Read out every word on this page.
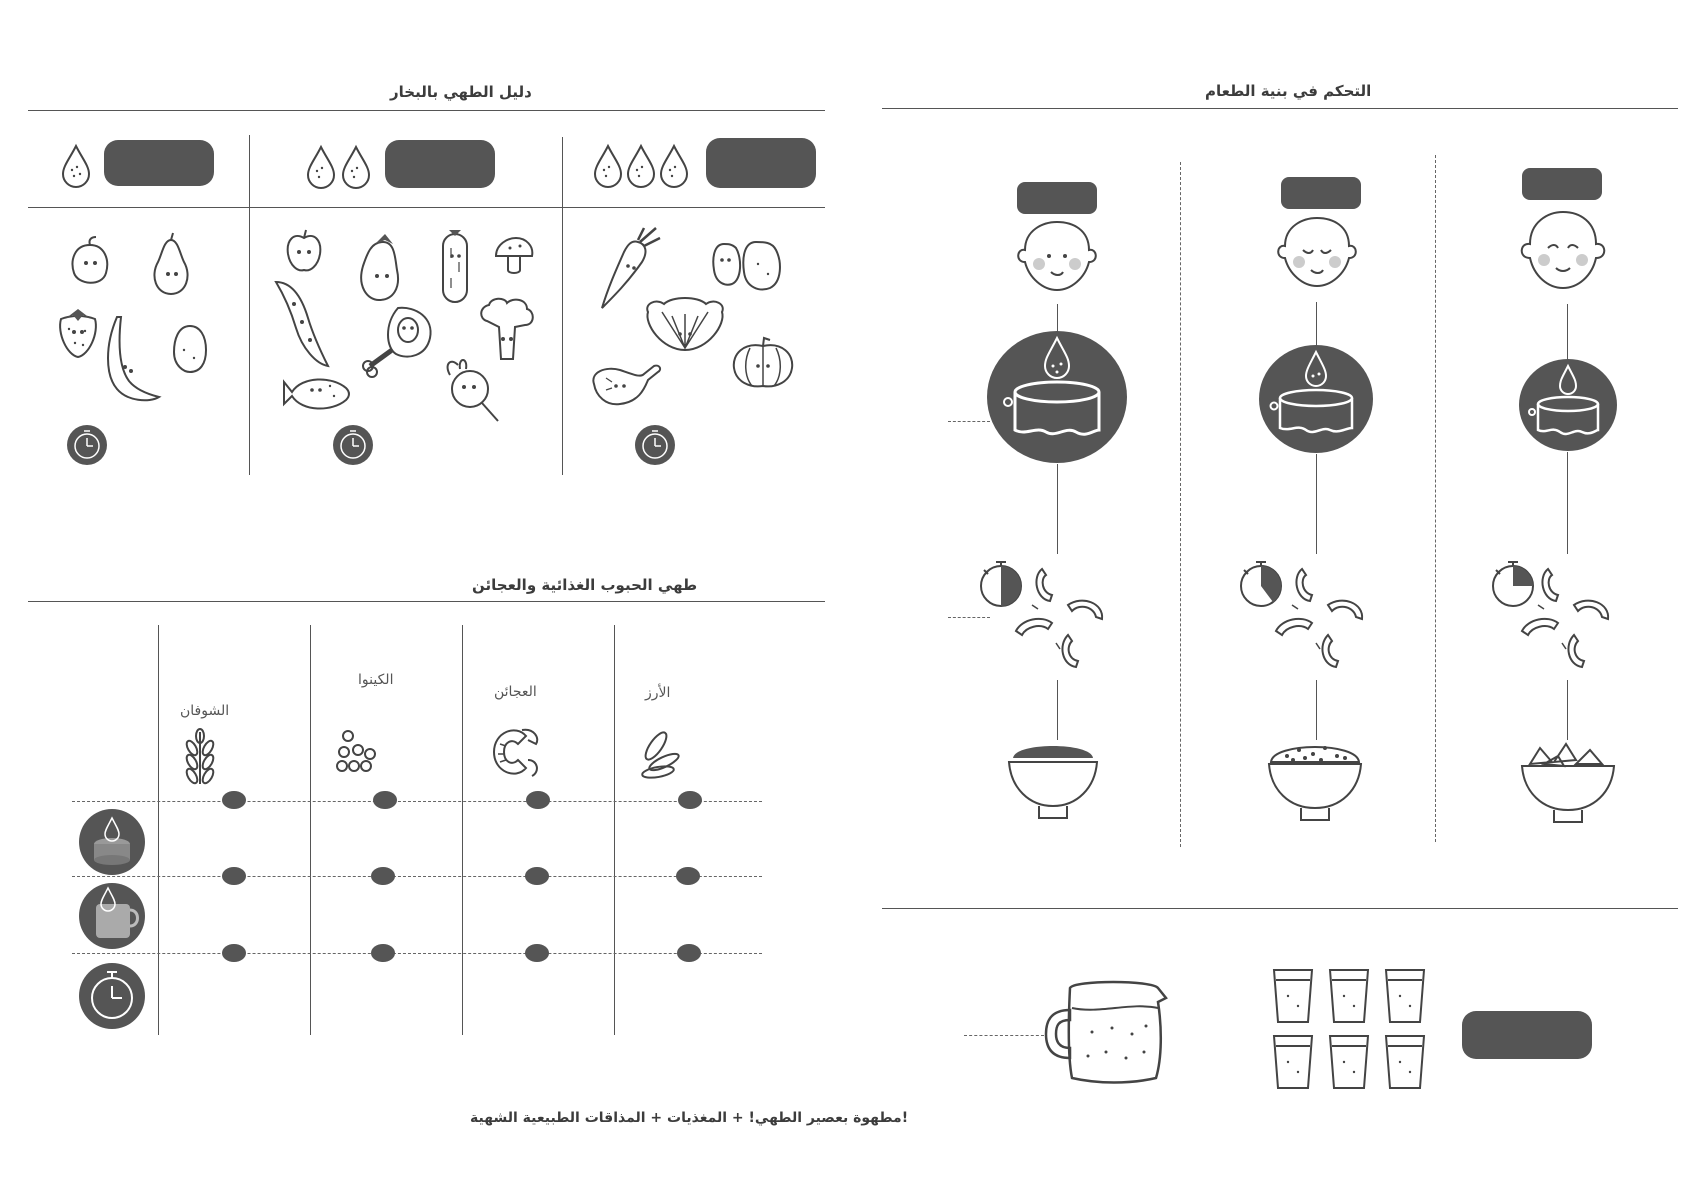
دليل الطهي بالبخار
طهي الحبوب الغذائية والعجائن
الشوفان
الكينوا
العجائن	الأرز
مطهوة بعصير الطهي! + المغذيات + المذاقات الطبيعية الشهية!
التحكم في بنية الطعام
